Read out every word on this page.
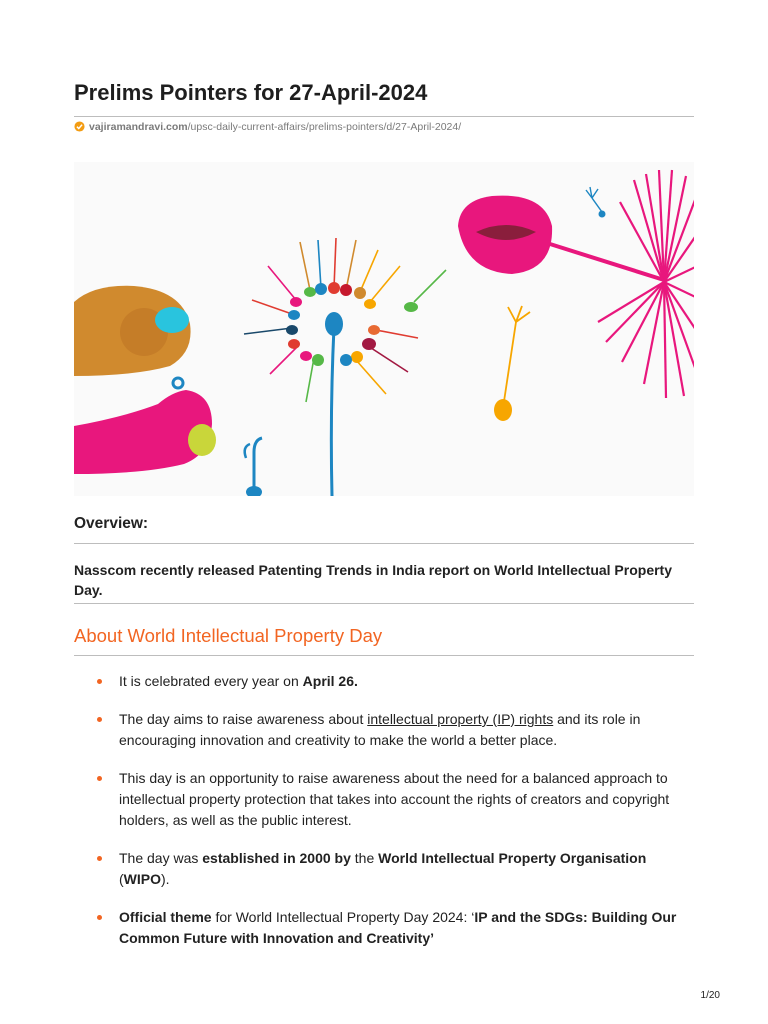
Prelims Pointers for 27-April-2024
vajiramandravi.com/upsc-daily-current-affairs/prelims-pointers/d/27-April-2024/
Overview:

Nasscom recently released Patenting Trends in India report on World Intellectual Property Day.

About World Intellectual Property Day
It is celebrated every year on April 26.
The day aims to raise awareness about intellectual property (IP) rights and its role in encouraging innovation and creativity to make the world a better place.
This day is an opportunity to raise awareness about the need for a balanced approach to intellectual property protection that takes into account the rights of creators and copyright holders, as well as the public interest.
The day was established in 2000 by the World Intellectual Property Organisation (WIPO).
Official theme for World Intellectual Property Day 2024: ‘IP and the SDGs: Building Our Common Future with Innovation and Creativity’
1/20
